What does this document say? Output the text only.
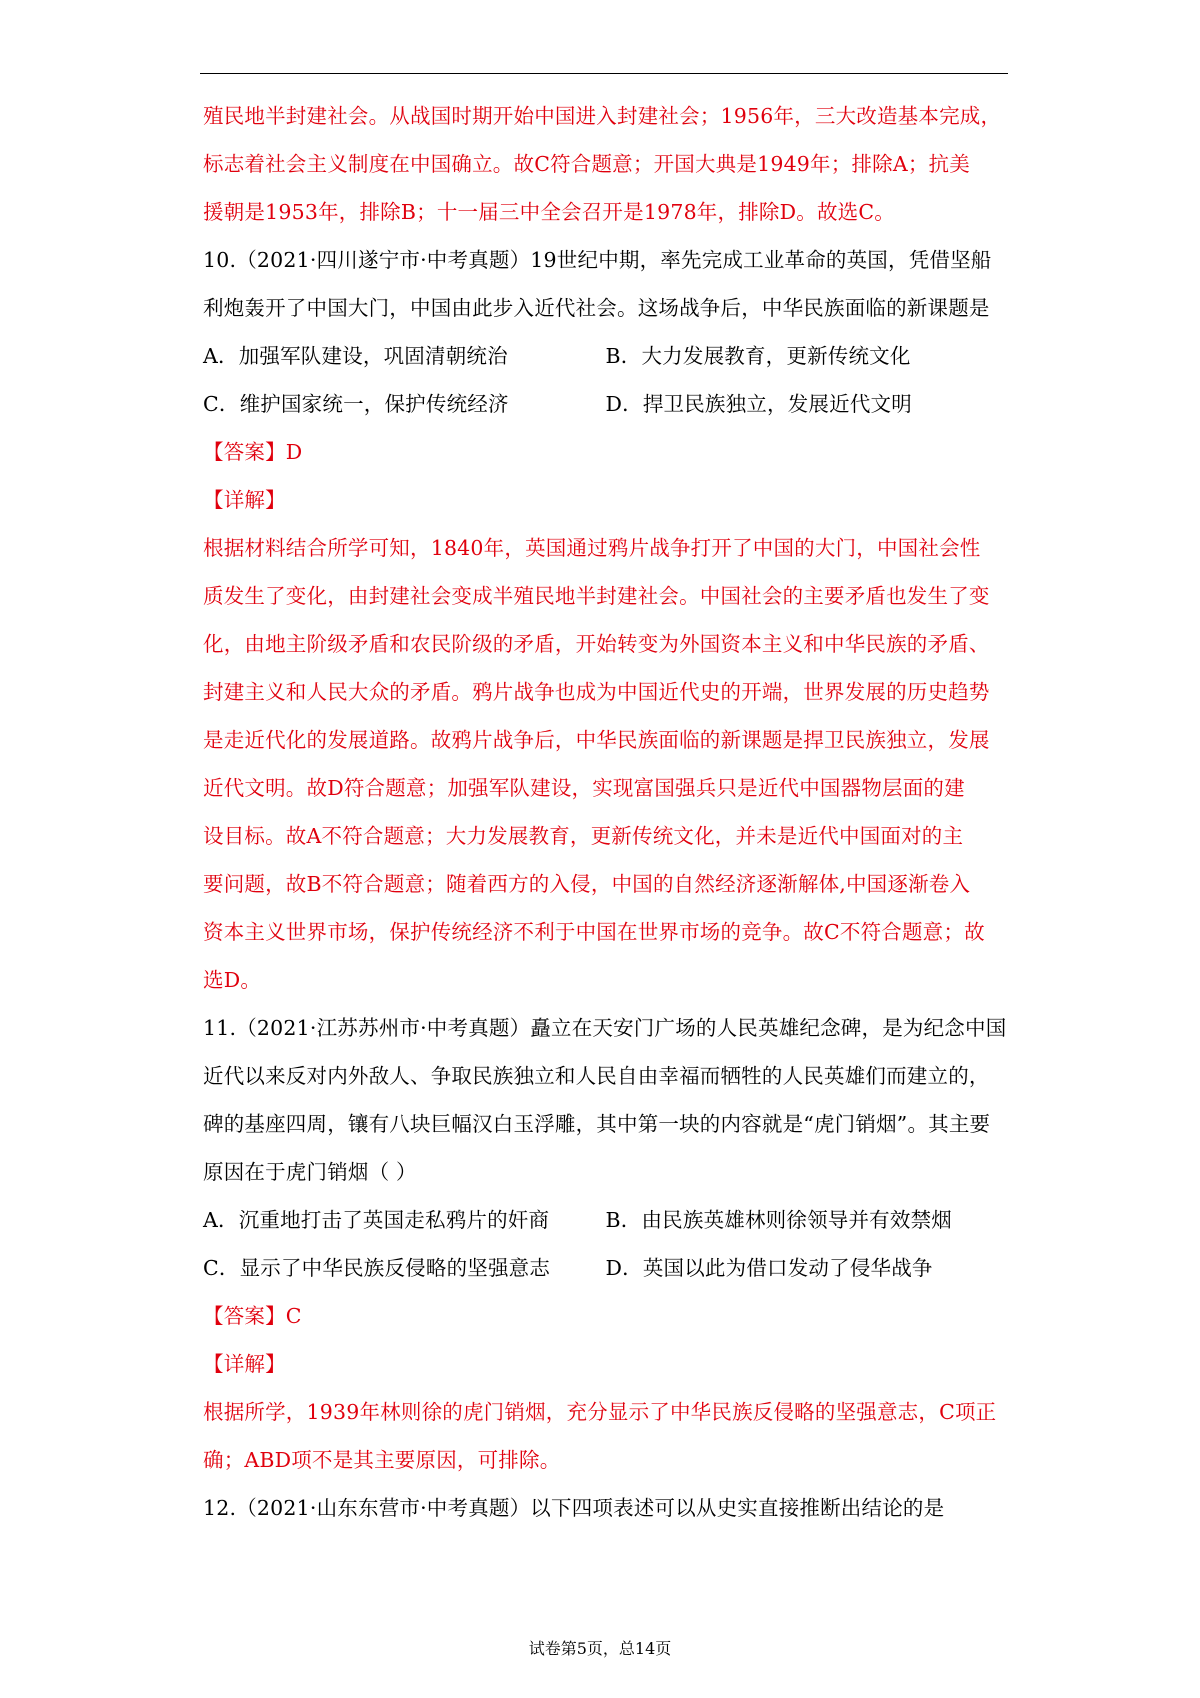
殖民地半封建社会。从战国时期开始中国进入封建社会；1956年，三大改造基本完成，
标志着社会主义制度在中国确立。故C符合题意；开国大典是1949年；排除A；抗美
援朝是1953年，排除B；十一届三中全会召开是1978年，排除D。故选C。
10.（2021·四川遂宁市·中考真题）19世纪中期，率先完成工业革命的英国，凭借坚船
利炮轰开了中国大门，中国由此步入近代社会。这场战争后，中华民族面临的新课题是
A．加强军队建设，巩固清朝统治	B．大力发展教育，更新传统文化
C．维护国家统一，保护传统经济	D．捍卫民族独立，发展近代文明
【答案】D
【详解】
根据材料结合所学可知，1840年，英国通过鸦片战争打开了中国的大门，中国社会性
质发生了变化，由封建社会变成半殖民地半封建社会。中国社会的主要矛盾也发生了变
化，由地主阶级矛盾和农民阶级的矛盾，开始转变为外国资本主义和中华民族的矛盾、
封建主义和人民大众的矛盾。鸦片战争也成为中国近代史的开端，世界发展的历史趋势
是走近代化的发展道路。故鸦片战争后，中华民族面临的新课题是捍卫民族独立，发展
近代文明。故D符合题意；加强军队建设，实现富国强兵只是近代中国器物层面的建
设目标。故A不符合题意；大力发展教育，更新传统文化，并未是近代中国面对的主
要问题，故B不符合题意；随着西方的入侵，中国的自然经济逐渐解体,中国逐渐卷入
资本主义世界市场，保护传统经济不利于中国在世界市场的竞争。故C不符合题意；故
选D。
11.（2021·江苏苏州市·中考真题）矗立在天安门广场的人民英雄纪念碑，是为纪念中国
近代以来反对内外敌人、争取民族独立和人民自由幸福而牺牲的人民英雄们而建立的，
碑的基座四周，镶有八块巨幅汉白玉浮雕，其中第一块的内容就是“虎门销烟”。其主要
原因在于虎门销烟（ ）
A．沉重地打击了英国走私鸦片的奸商	B．由民族英雄林则徐领导并有效禁烟
C．显示了中华民族反侵略的坚强意志	D．英国以此为借口发动了侵华战争
【答案】C
【详解】
根据所学，1939年林则徐的虎门销烟，充分显示了中华民族反侵略的坚强意志，C项正
确；ABD项不是其主要原因，可排除。
12.（2021·山东东营市·中考真题）以下四项表述可以从史实直接推断出结论的是
试卷第5页，总14页
